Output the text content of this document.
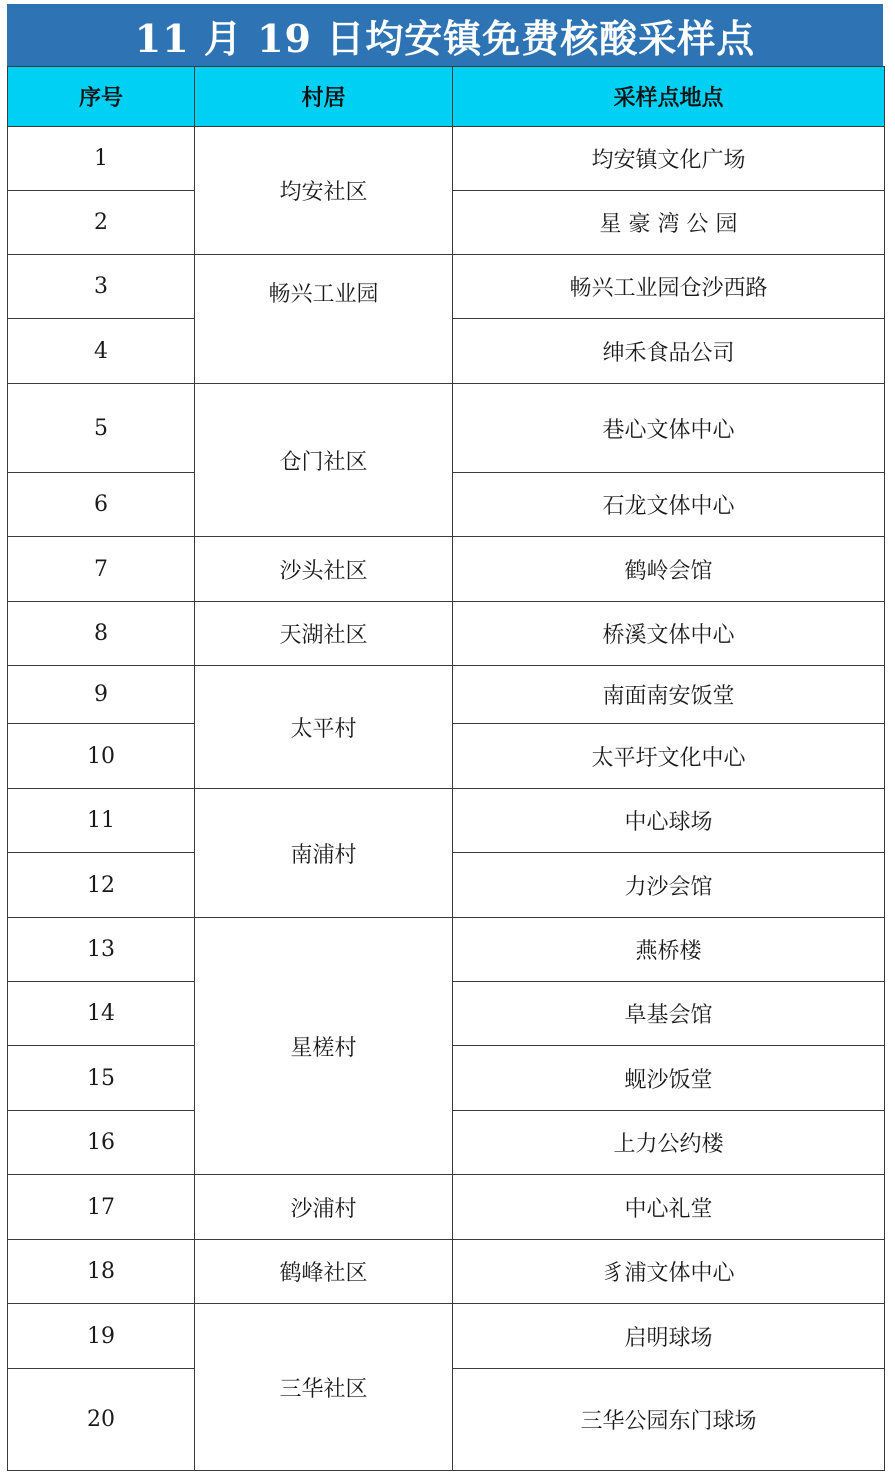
11 月 19 日均安镇免费核酸采样点
序号	村居	采样点地点
1	均安社区	均安镇文化广场
2		星 豪 湾 公 园
3	畅兴工业园	畅兴工业园仓沙西路
4		绅禾食品公司
5	仓门社区	巷心文体中心
6		石龙文体中心
7	沙头社区	鹤岭会馆
8	天湖社区	桥溪文体中心
9	太平村	南面南安饭堂
10		太平圩文化中心
11	南浦村	中心球场
12		力沙会馆
13	星槎村	燕桥楼
14		阜基会馆
15		蚬沙饭堂
16		上力公约楼
17	沙浦村	中心礼堂
18	鹤峰社区	豸浦文体中心
19	三华社区	启明球场
20		三华公园东门球场
